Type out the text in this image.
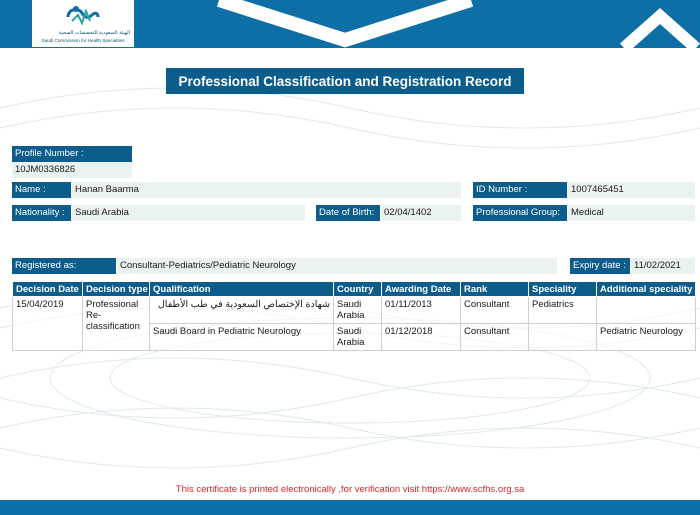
الهيئة السعودية للتخصصات الصحية
Saudi Commission for Health Specialties
Professional Classification and Registration Record
Profile Number :
10JM0336826
Name :	Hanan Baarma	ID Number :	1007465451
Nationality :	Saudi Arabia	Date of Birth:	02/04/1402	Professional Group:	Medical
Registered as:	Consultant-Pediatrics/Pediatric Neurology	Expiry date : 11/02/2021
Decision Date	Decision type	Qualification	Country	Awarding Date	Rank	Speciality	Additional speciality
15/04/2019	Professional Re-classification	شهادة الإختصاص السعودية في طب الأطفال	Saudi Arabia	01/11/2013	Consultant	Pediatrics	
		Saudi Board in Pediatric Neurology	Saudi Arabia	01/12/2018	Consultant		Pediatric Neurology
This certificate is printed electronically ,for verification visit https://www.scfhs.org.sa
